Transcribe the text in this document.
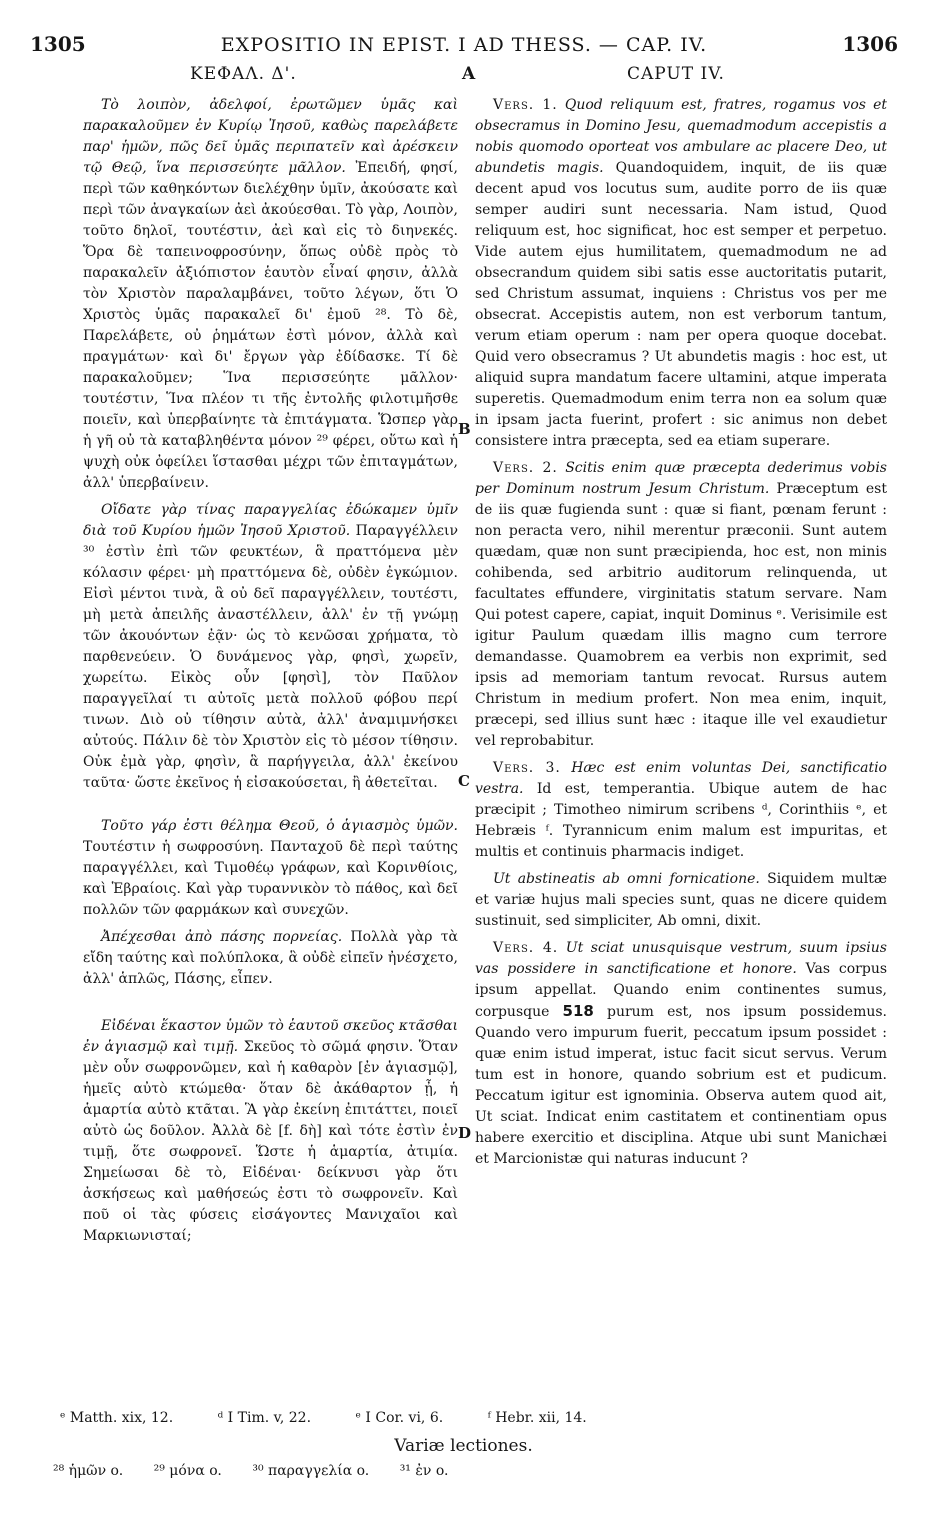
1305	EXPOSITIO IN EPIST. I AD THESS. — CAP. IV.	1306
ΚΕΦΑΛ. Δ'.	A	CAPUT IV.
B
C
D

Τὸ λοιπὸν, ἀδελφοί, ἐρωτῶμεν ὑμᾶς καὶ παρακαλοῦμεν ἐν Κυρίῳ Ἰησοῦ, καθὼς παρελάβετε παρ' ἡμῶν, πῶς δεῖ ὑμᾶς περιπατεῖν καὶ ἀρέσκειν τῷ Θεῷ, ἵνα περισσεύητε μᾶλλον. Ἐπειδή, φησί, περὶ τῶν καθηκόντων διελέχθην ὑμῖν, ἀκούσατε καὶ περὶ τῶν ἀναγκαίων ἀεὶ ἀκούεσθαι. Τὸ γὰρ, Λοιπὸν, τοῦτο δηλοῖ, τουτέστιν, ἀεὶ καὶ εἰς τὸ διηνεκές. Ὅρα δὲ ταπεινοφροσύνην, ὅπως οὐδὲ πρὸς τὸ παρακαλεῖν ἀξιόπιστον ἑαυτὸν εἶναί φησιν, ἀλλὰ τὸν Χριστὸν παραλαμβάνει, τοῦτο λέγων, ὅτι Ὁ Χριστὸς ὑμᾶς παρακαλεῖ δι' ἐμοῦ ²⁸. Τὸ δὲ, Παρελάβετε, οὐ ῥημάτων ἐστὶ μόνον, ἀλλὰ καὶ πραγμάτων· καὶ δι' ἔργων γὰρ ἐδίδασκε. Τί δὲ παρακαλοῦμεν; Ἵνα περισσεύητε μᾶλλον· τουτέστιν, Ἵνα πλέον τι τῆς ἐντολῆς φιλοτιμῆσθε ποιεῖν, καὶ ὑπερβαίνητε τὰ ἐπιτάγματα. Ὥσπερ γὰρ ἡ γῆ οὐ τὰ καταβληθέντα μόνον ²⁹ φέρει, οὕτω καὶ ἡ ψυχὴ οὐκ ὀφείλει ἵστασθαι μέχρι τῶν ἐπιταγμάτων, ἀλλ' ὑπερβαίνειν.

Οἴδατε γὰρ τίνας παραγγελίας ἐδώκαμεν ὑμῖν διὰ τοῦ Κυρίου ἡμῶν Ἰησοῦ Χριστοῦ. Παραγγέλλειν ³⁰ ἐστὶν ἐπὶ τῶν φευκτέων, ἃ πραττόμενα μὲν κόλασιν φέρει· μὴ πραττόμενα δὲ, οὐδὲν ἐγκώμιον. Εἰσὶ μέντοι τινὰ, ἃ οὐ δεῖ παραγγέλλειν, τουτέστι, μὴ μετὰ ἀπειλῆς ἀναστέλλειν, ἀλλ' ἐν τῇ γνώμῃ τῶν ἀκουόντων ἐᾷν· ὡς τὸ κενῶσαι χρήματα, τὸ παρθενεύειν. Ὁ δυνάμενος γὰρ, φησὶ, χωρεῖν, χωρείτω. Εἰκὸς οὖν [φησὶ], τὸν Παῦλον παραγγεῖλαί τι αὐτοῖς μετὰ πολλοῦ φόβου περί τινων. Διὸ οὐ τίθησιν αὐτὰ, ἀλλ' ἀναμιμνήσκει αὐτούς. Πάλιν δὲ τὸν Χριστὸν εἰς τὸ μέσον τίθησιν. Οὐκ ἐμὰ γὰρ, φησὶν, ἃ παρήγγειλα, ἀλλ' ἐκείνου ταῦτα· ὥστε ἐκεῖνος ἡ εἰσακούσεται, ἢ ἀθετεῖται.

Τοῦτο γάρ ἐστι θέλημα Θεοῦ, ὁ ἁγιασμὸς ὑμῶν. Τουτέστιν ἡ σωφροσύνη. Πανταχοῦ δὲ περὶ ταύτης παραγγέλλει, καὶ Τιμοθέῳ γράφων, καὶ Κορινθίοις, καὶ Ἑβραίοις. Καὶ γὰρ τυραννικὸν τὸ πάθος, καὶ δεῖ πολλῶν τῶν φαρμάκων καὶ συνεχῶν.

Ἀπέχεσθαι ἀπὸ πάσης πορνείας. Πολλὰ γὰρ τὰ εἴδη ταύτης καὶ πολύπλοκα, ἃ οὐδὲ εἰπεῖν ἠνέσχετο, ἀλλ' ἁπλῶς, Πάσης, εἶπεν.

Εἰδέναι ἕκαστον ὑμῶν τὸ ἑαυτοῦ σκεῦος κτᾶσθαι ἐν ἁγιασμῷ καὶ τιμῇ. Σκεῦος τὸ σῶμά φησιν. Ὅταν μὲν οὖν σωφρονῶμεν, καὶ ἡ καθαρὸν [ἐν ἁγιασμῷ], ἡμεῖς αὐτὸ κτώμεθα· ὅταν δὲ ἀκάθαρτον ᾖ, ἡ ἁμαρτία αὐτὸ κτᾶται. Ἃ γὰρ ἐκείνη ἐπιτάττει, ποιεῖ αὐτὸ ὡς δοῦλον. Ἀλλὰ δὲ [f. δὴ] καὶ τότε ἐστὶν ἐν τιμῇ, ὅτε σωφρονεῖ. Ὥστε ἡ ἁμαρτία, ἀτιμία. Σημείωσαι δὲ τὸ, Εἰδέναι· δείκνυσι γὰρ ὅτι ἀσκήσεως καὶ μαθήσεώς ἐστι τὸ σωφρονεῖν. Καὶ ποῦ οἱ τὰς φύσεις εἰσάγοντες Μανιχαῖοι καὶ Μαρκιωνισταί;

Vers. 1. Quod reliquum est, fratres, rogamus vos et obsecramus in Domino Jesu, quemadmodum accepistis a nobis quomodo oporteat vos ambulare ac placere Deo, ut abundetis magis. Quandoquidem, inquit, de iis quæ decent apud vos locutus sum, audite porro de iis quæ semper audiri sunt necessaria. Nam istud, Quod reliquum est, hoc significat, hoc est semper et perpetuo. Vide autem ejus humilitatem, quemadmodum ne ad obsecrandum quidem sibi satis esse auctoritatis putarit, sed Christum assumat, inquiens : Christus vos per me obsecrat. Accepistis autem, non est verborum tantum, verum etiam operum : nam per opera quoque docebat. Quid vero obsecramus ? Ut abundetis magis : hoc est, ut aliquid supra mandatum facere ultamini, atque imperata superetis. Quemadmodum enim terra non ea solum quæ in ipsam jacta fuerint, profert : sic animus non debet consistere intra præcepta, sed ea etiam superare.

Vers. 2. Scitis enim quæ præcepta dederimus vobis per Dominum nostrum Jesum Christum. Præceptum est de iis quæ fugienda sunt : quæ si fiant, pœnam ferunt : non peracta vero, nihil merentur præconii. Sunt autem quædam, quæ non sunt præcipienda, hoc est, non minis cohibenda, sed arbitrio auditorum relinquenda, ut facultates effundere, virginitatis statum servare. Nam Qui potest capere, capiat, inquit Dominus ᵉ. Verisimile est igitur Paulum quædam illis magno cum terrore demandasse. Quamobrem ea verbis non exprimit, sed ipsis ad memoriam tantum revocat. Rursus autem Christum in medium profert. Non mea enim, inquit, præcepi, sed illius sunt hæc : itaque ille vel exaudietur vel reprobabitur.

Vers. 3. Hæc est enim voluntas Dei, sanctificatio vestra. Id est, temperantia. Ubique autem de hac præcipit ; Timotheo nimirum scribens ᵈ, Corinthiis ᵉ, et Hebræis ᶠ. Tyrannicum enim malum est impuritas, et multis et continuis pharmacis indiget.

Ut abstineatis ab omni fornicatione. Siquidem multæ et variæ hujus mali species sunt, quas ne dicere quidem sustinuit, sed simpliciter, Ab omni, dixit.

Vers. 4. Ut sciat unusquisque vestrum, suum ipsius vas possidere in sanctificatione et honore. Vas corpus ipsum appellat. Quando enim continentes sumus, corpusque 518 purum est, nos ipsum possidemus. Quando vero impurum fuerit, peccatum ipsum possidet : quæ enim istud imperat, istuc facit sicut servus. Verum tum est in honore, quando sobrium est et pudicum. Peccatum igitur est ignominia. Observa autem quod ait, Ut sciat. Indicat enim castitatem et continentiam opus habere exercitio et disciplina. Atque ubi sunt Manichæi et Marcionistæ qui naturas inducunt ?

ᵉ Matth. xix, 12.	ᵈ I Tim. v, 22.	ᵉ I Cor. vi, 6.	ᶠ Hebr. xii, 14.
Variæ lectiones.
²⁸ ἡμῶν o. ²⁹ μόνα o. ³⁰ παραγγελία o. ³¹ ἐν o.
